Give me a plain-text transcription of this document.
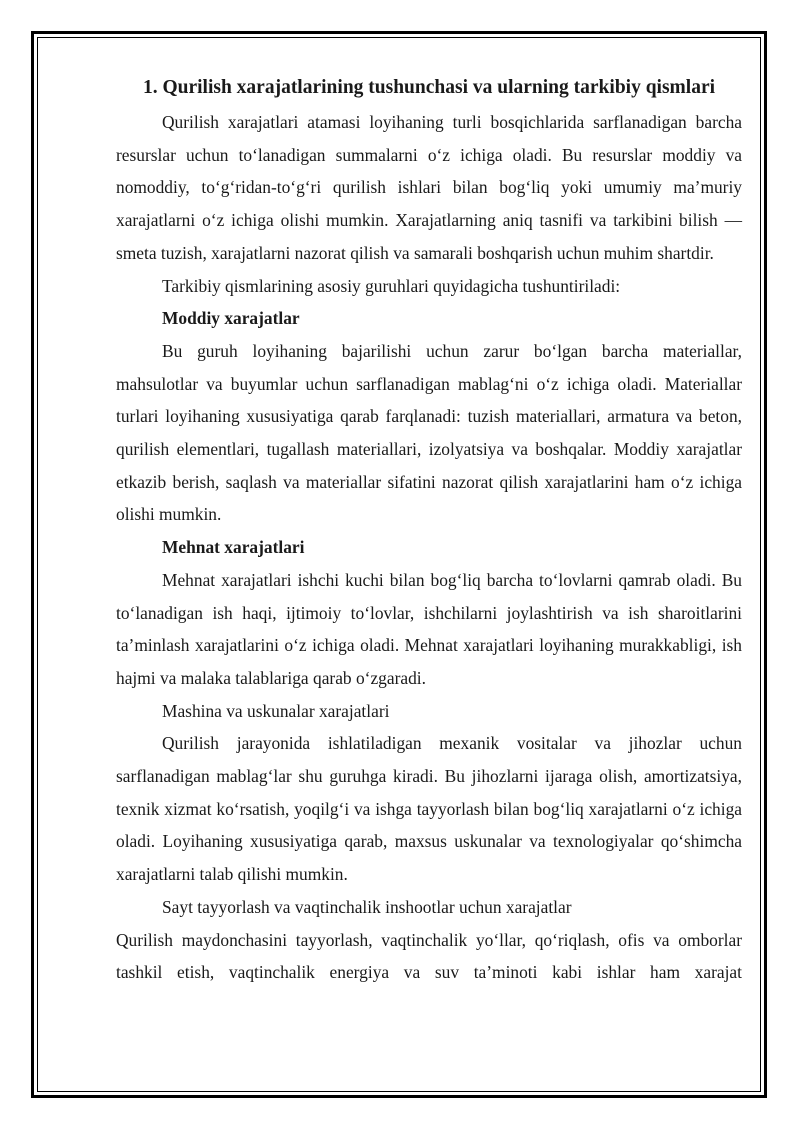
1. Qurilish xarajatlarining tushunchasi va ularning tarkibiy qismlari

Qurilish xarajatlari atamasi loyihaning turli bosqichlarida sarflanadigan barcha resurslar uchun to‘lanadigan summalarni o‘z ichiga oladi. Bu resurslar moddiy va nomoddiy, to‘g‘ridan-to‘g‘ri qurilish ishlari bilan bog‘liq yoki umumiy ma’muriy xarajatlarni o‘z ichiga olishi mumkin. Xarajatlarning aniq tasnifi va tarkibini bilish — smeta tuzish, xarajatlarni nazorat qilish va samarali boshqarish uchun muhim shartdir.

Tarkibiy qismlarining asosiy guruhlari quyidagicha tushuntiriladi:

Moddiy xarajatlar

Bu guruh loyihaning bajarilishi uchun zarur bo‘lgan barcha materiallar, mahsulotlar va buyumlar uchun sarflanadigan mablag‘ni o‘z ichiga oladi. Materiallar turlari loyihaning xususiyatiga qarab farqlanadi: tuzish materiallari, armatura va beton, qurilish elementlari, tugallash materiallari, izolyatsiya va boshqalar. Moddiy xarajatlar etkazib berish, saqlash va materiallar sifatini nazorat qilish xarajatlarini ham o‘z ichiga olishi mumkin.

Mehnat xarajatlari

Mehnat xarajatlari ishchi kuchi bilan bog‘liq barcha to‘lovlarni qamrab oladi. Bu to‘lanadigan ish haqi, ijtimoiy to‘lovlar, ishchilarni joylashtirish va ish sharoitlarini ta’minlash xarajatlarini o‘z ichiga oladi. Mehnat xarajatlari loyihaning murakkabligi, ish hajmi va malaka talablariga qarab o‘zgaradi.

Mashina va uskunalar xarajatlari

Qurilish jarayonida ishlatiladigan mexanik vositalar va jihozlar uchun sarflanadigan mablag‘lar shu guruhga kiradi. Bu jihozlarni ijaraga olish, amortizatsiya, texnik xizmat ko‘rsatish, yoqilg‘i va ishga tayyorlash bilan bog‘liq xarajatlarni o‘z ichiga oladi. Loyihaning xususiyatiga qarab, maxsus uskunalar va texnologiyalar qo‘shimcha xarajatlarni talab qilishi mumkin.

Sayt tayyorlash va vaqtinchalik inshootlar uchun xarajatlar

Qurilish maydonchasini tayyorlash, vaqtinchalik yo‘llar, qo‘riqlash, ofis va omborlar tashkil etish, vaqtinchalik energiya va suv ta’minoti kabi ishlar ham xarajat
